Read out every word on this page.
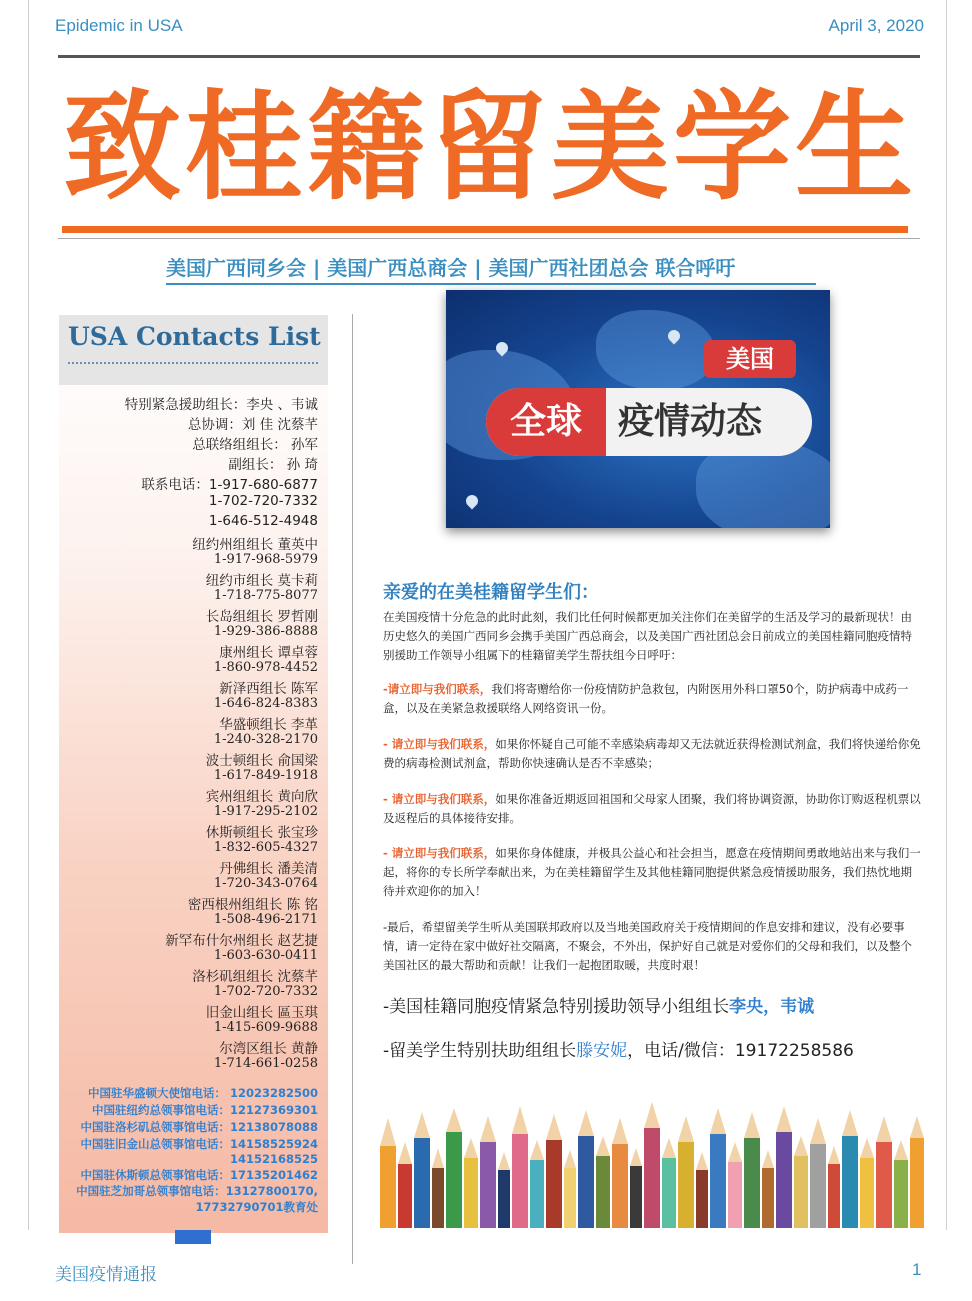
Epidemic in USA	April 3, 2020
致桂籍留美学生
美国广西同乡会 | 美国广西总商会 | 美国广西社团总会 联合呼吁
USA Contacts List
特别紧急援助组长：李央 、韦诚
总协调：刘 佳 沈蔡芊
总联络组组长： 孙军
副组长： 孙 琦
联系电话：1-917-680-6877
1-702-720-7332
1-646-512-4948
纽约州组组长 董英中
1-917-968-5979
纽约市组长 莫卡莉
1-718-775-8077
长岛组组长 罗哲刚
1-929-386-8888
康州组长 谭卓蓉
1-860-978-4452
新泽西组长 陈军
1-646-824-8383
华盛顿组长 李革
1-240-328-2170
波士顿组长 俞国梁
1-617-849-1918
宾州组组长 黄向欣
1-917-295-2102
休斯顿组长 张宝珍
1-832-605-4327
丹佛组长 潘美清
1-720-343-0764
密西根州组组长 陈 铭
1-508-496-2171
新罕布什尔州组长 赵艺捷
1-603-630-0411
洛杉矶组组长 沈蔡芊
1-702-720-7332
旧金山组长 區玉琪
1-415-609-9688
尔湾区组长 黄静
1-714-661-0258
中国驻华盛顿大使馆电话： 12023282500
中国驻纽约总领事馆电话：12127369301
中国驻洛杉矶总领事馆电话：12138078088
中国驻旧金山总领事馆电话：14158525924
14152168525
中国驻休斯顿总领事馆电话：17135201462
中国驻芝加哥总领事馆电话：13127800170,
17732790701教育处
美国
全球	疫情动态
亲爱的在美桂籍留学生们：
在美国疫情十分危急的此时此刻，我们比任何时候都更加关注你们在美留学的生活及学习的最新现状！由历史悠久的美国广西同乡会携手美国广西总商会，以及美国广西社团总会日前成立的美国桂籍同胞疫情特别援助工作领导小组属下的桂籍留美学生帮扶组今日呼吁：
-请立即与我们联系，我们将寄赠给你一份疫情防护急救包，内附医用外科口罩50个，防护病毒中成药一盒，以及在美紧急救援联络人网络资讯一份。
- 请立即与我们联系，如果你怀疑自己可能不幸感染病毒却又无法就近获得检测试剂盒，我们将快递给你免费的病毒检测试剂盒，帮助你快速确认是否不幸感染；
- 请立即与我们联系，如果你准备近期返回祖国和父母家人团聚，我们将协调资源，协助你订购返程机票以及返程后的具体接待安排。
- 请立即与我们联系，如果你身体健康，并极具公益心和社会担当，愿意在疫情期间勇敢地站出来与我们一起，将你的专长所学奉献出来，为在美桂籍留学生及其他桂籍同胞提供紧急疫情援助服务，我们热忱地期待并欢迎你的加入！
-最后，希望留美学生听从美国联邦政府以及当地美国政府关于疫情期间的作息安排和建议，没有必要事情，请一定待在家中做好社交隔离，不聚会，不外出，保护好自己就是对爱你们的父母和我们，以及整个美国社区的最大帮助和贡献！让我们一起抱团取暖，共度时艰！
-美国桂籍同胞疫情紧急特别援助领导小组组长李央，韦诚
-留美学生特别扶助组组长滕安妮，电话/微信：19172258586
美国疫情通报	1
